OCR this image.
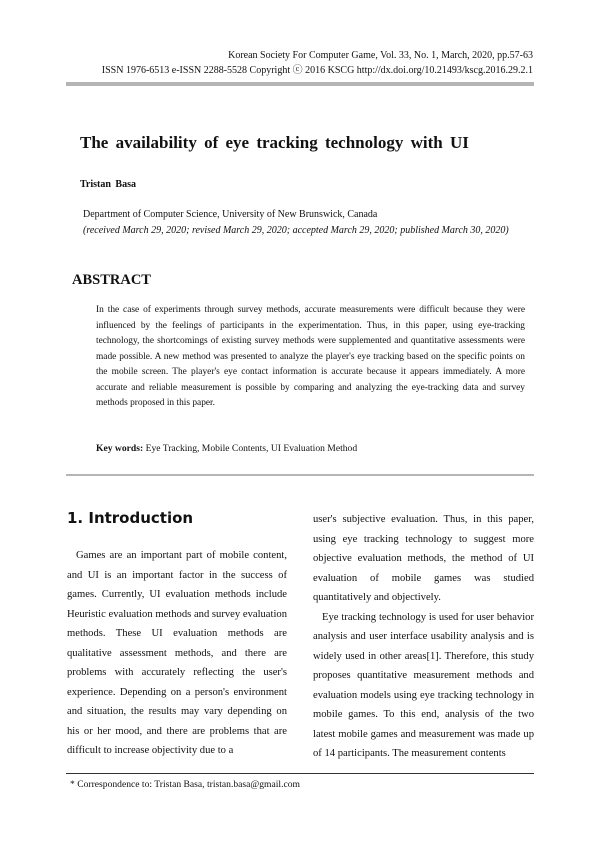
Korean Society For Computer Game, Vol. 33, No. 1, March, 2020, pp.57-63
ISSN 1976-6513 e-ISSN 2288-5528 Copyright ⓒ 2016 KSCG http://dx.doi.org/10.21493/kscg.2016.29.2.1
The availability of eye tracking technology with UI
Tristan Basa
Department of Computer Science, University of New Brunswick, Canada
(received March 29, 2020; revised March 29, 2020; accepted March 29, 2020; published March 30, 2020)
ABSTRACT
In the case of experiments through survey methods, accurate measurements were difficult because they were influenced by the feelings of participants in the experimentation. Thus, in this paper, using eye-tracking technology, the shortcomings of existing survey methods were supplemented and quantitative assessments were made possible. A new method was presented to analyze the player's eye tracking based on the specific points on the mobile screen. The player's eye contact information is accurate because it appears immediately. A more accurate and reliable measurement is possible by comparing and analyzing the eye-tracking data and survey methods proposed in this paper.
Key words: Eye Tracking, Mobile Contents, UI Evaluation Method
1. Introduction

Games are an important part of mobile content, and UI is an important factor in the success of games. Currently, UI evaluation methods include Heuristic evaluation methods and survey evaluation methods. These UI evaluation methods are qualitative assessment methods, and there are problems with accurately reflecting the user's experience. Depending on a person's environment and situation, the results may vary depending on his or her mood, and there are problems that are difficult to increase objectivity due to a

user's subjective evaluation. Thus, in this paper, using eye tracking technology to suggest more objective evaluation methods, the method of UI evaluation of mobile games was studied quantitatively and objectively.

Eye tracking technology is used for user behavior analysis and user interface usability analysis and is widely used in other areas[1]. Therefore, this study proposes quantitative measurement methods and evaluation models using eye tracking technology in mobile games. To this end, analysis of the two latest mobile games and measurement was made up of 14 participants. The measurement contents

* Correspondence to: Tristan Basa, tristan.basa@gmail.com
